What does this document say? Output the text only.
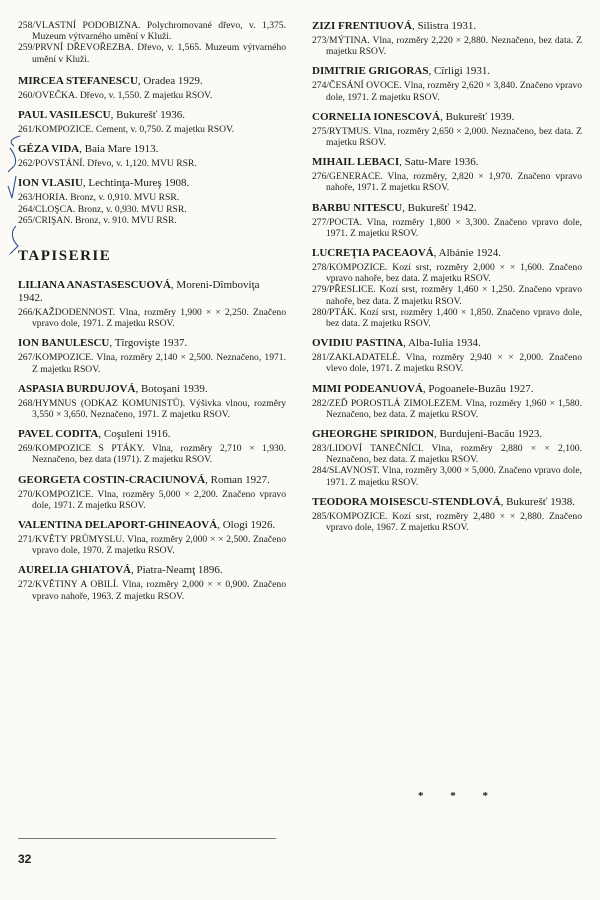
258/VLASTNÍ PODOBIZNA. Polychromované dřevo, v. 1,375. Muzeum výtvarného umění v Kluži.
259/PRVNÍ DŘEVOŘEZBA. Dřevo, v. 1,565. Muzeum výtvarného umění v Kluži.
MIRCEA STEFANESCU, Oradea 1929.
260/OVEČKA. Dřevo, v. 1,550. Z majetku RSOV.
PAUL VASILESCU, Bukurešť 1936.
261/KOMPOZICE. Cement, v. 0,750. Z majetku RSOV.
GÉZA VIDA, Baia Mare 1913.
262/POVSTÁNÍ. Dřevo, v. 1,120. MVU RSR.
ION VLASIU, Lechtinţa-Mureş 1908.
263/HORIA. Bronz, v. 0,910. MVU RSR.
264/CLOŞCA. Bronz, v. 0,930. MVU RSR.
265/CRIŞAN. Bronz, v. 910. MVU RSR.
TAPISERIE
LILIANA ANASTASESCUOVÁ, Moreni-Dîmboviţa 1942.
266/KAŽDODENNOST. Vlna, rozměry 1,900 × × 2,250. Značeno vpravo dole, 1971. Z majetku RSOV.
ION BANULESCU, Tîrgovişte 1937.
267/KOMPOZICE. Vlna, rozměry 2,140 × 2,500. Neznačeno, 1971. Z majetku RSOV.
ASPASIA BURDUJOVÁ, Botoşani 1939.
268/HYMNUS (ODKAZ KOMUNISTŮ). Výšivka vlnou, rozměry 3,550 × 3,650. Neznačeno, 1971. Z majetku RSOV.
PAVEL CODITA, Coşuleni 1916.
269/KOMPOZICE S PTÁKY. Vlna, rozměry 2,710 × 1,930. Neznačeno, bez data (1971). Z majetku RSOV.
GEORGETA COSTIN-CRACIUNOVÁ, Roman 1927.
270/KOMPOZICE. Vlna, rozměry 5,000 × 2,200. Značeno vpravo dole, 1971. Z majetku RSOV.
VALENTINA DELAPORT-GHINEAOVÁ, Ologi 1926.
271/KVĚTY PRŮMYSLU. Vlna, rozměry 2,000 × × 2,500. Značeno vpravo dole, 1970. Z majetku RSOV.
AURELIA GHIATOVÁ, Piatra-Neamţ 1896.
272/KVĚTINY A OBILÍ. Vlna, rozměry 2,000 × × 0,900. Značeno vpravo nahoře, 1963. Z majetku RSOV.
ZIZI FRENTIUOVÁ, Silistra 1931.
273/MÝTINA. Vlna, rozměry 2,220 × 2,880. Neznačeno, bez data. Z majetku RSOV.
DIMITRIE GRIGORAS, Cîrligi 1931.
274/ČESÁNÍ OVOCE. Vlna, rozměry 2,620 × 3,840. Značeno vpravo dole, 1971. Z majetku RSOV.
CORNELIA IONESCOVÁ, Bukurešť 1939.
275/RYTMUS. Vlna, rozměry 2,650 × 2,000. Neznačeno, bez data. Z majetku RSOV.
MIHAIL LEBACI, Satu-Mare 1936.
276/GENERACE. Vlna, rozměry, 2,820 × 1,970. Značeno vpravo nahoře, 1971. Z majetku RSOV.
BARBU NITESCU, Bukurešť 1942.
277/POCTA. Vlna, rozměry 1,800 × 3,300. Značeno vpravo dole, 1971. Z majetku RSOV.
LUCREŢIA PACEAOVÁ, Albánie 1924.
278/KOMPOZICE. Kozí srst, rozměry 2,000 × × 1,600. Značeno vpravo nahoře, bez data. Z majetku RSOV.
279/PŘESLICE. Kozí srst, rozměry 1,460 × 1,250. Značeno vpravo nahoře, bez data. Z majetku RSOV.
280/PTÁK. Kozí srst, rozměry 1,400 × 1,850. Značeno vpravo dole, bez data. Z majetku RSOV.
OVIDIU PASTINA, Alba-Iulia 1934.
281/ZAKLADATELÉ. Vlna, rozměry 2,940 × × 2,000. Značeno vlevo dole, 1971. Z majetku RSOV.
MIMI PODEANUOVÁ, Pogoanele-Buzău 1927.
282/ZEĎ POROSTLÁ ZIMOLEZEM. Vlna, rozměry 1,960 × 1,580. Neznačeno, bez data. Z majetku RSOV.
GHEORGHE SPIRIDON, Burdujeni-Bacău 1923.
283/LIDOVÍ TANEČNÍCI. Vlna, rozměry 2,880 × × 2,100. Neznačeno, bez data. Z majetku RSOV.
284/SLAVNOST. Vlna, rozměry 3,000 × 5,000. Značeno vpravo dole, 1971. Z majetku RSOV.
TEODORA MOISESCU-STENDLOVÁ, Bukurešť 1938.
285/KOMPOZICE. Kozí srst, rozměry 2,480 × × 2,880. Značeno vpravo dole, 1967. Z majetku RSOV.
* * *
32
